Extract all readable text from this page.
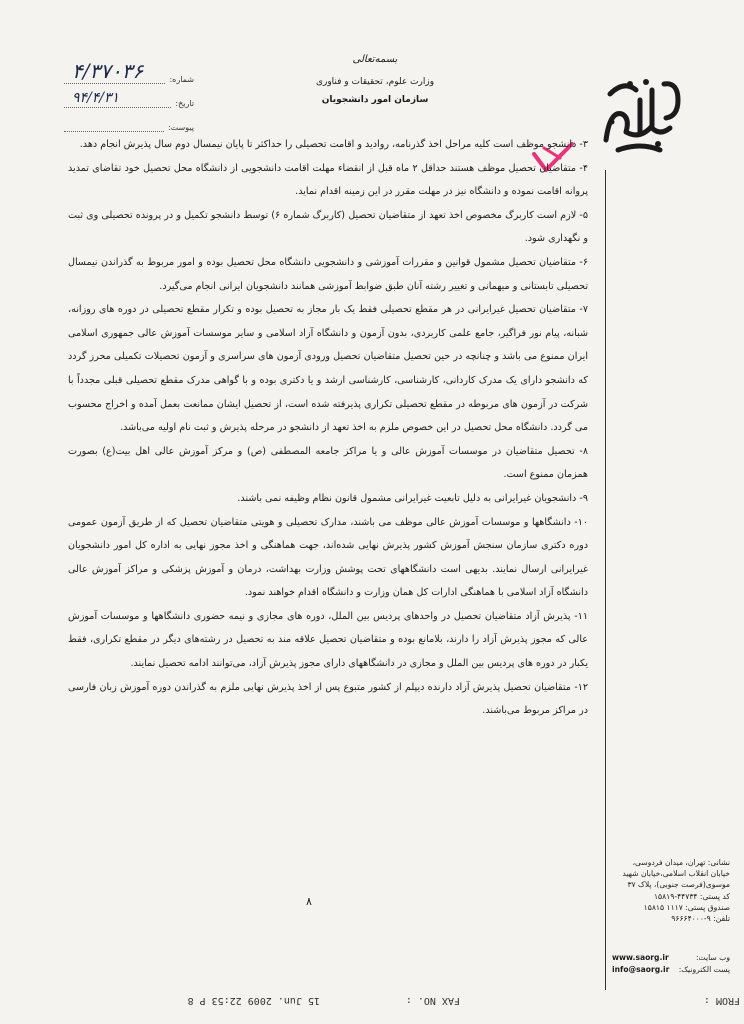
شماره:
۴/۳۷۰۳۶
تاریخ:
۹۴/۴/۳۱
پیوست:
بسمه‌تعالی
وزارت علوم، تحقیقات و فناوری
سازمان امور دانشجویان

۳- دانشجو موظف است کلیه مراحل اخذ گذرنامه، روادید و اقامت تحصیلی را حداکثر تا پایان نیمسال دوم سال پذیرش انجام دهد.

۴- متقاضیان تحصیل موظف هستند حداقل ۲ ماه قبل از انقضاء مهلت اقامت دانشجویی از دانشگاه محل تحصیل خود تقاضای تمدید پروانه اقامت نموده و دانشگاه نیز در مهلت مقرر در این زمینه اقدام نماید.

۵- لازم است کاربرگ مخصوص اخذ تعهد از متقاضیان تحصیل (کاربرگ شماره ۶) توسط دانشجو تکمیل و در پرونده تحصیلی وی ثبت و نگهداری شود.

۶- متقاضیان تحصیل مشمول قوانین و مقررات آموزشی و دانشجویی دانشگاه محل تحصیل بوده و امور مربوط به گذراندن نیمسال تحصیلی تابستانی و میهمانی و تغییر رشته آنان طبق ضوابط آموزشی همانند دانشجویان ایرانی انجام می‌گیرد.

۷- متقاضیان تحصیل غیرایرانی در هر مقطع تحصیلی فقط یک بار مجاز به تحصیل بوده و تکرار مقطع تحصیلی در دوره های روزانه، شبانه، پیام نور فراگیر، جامع علمی کاربردی، بدون آزمون و دانشگاه آزاد اسلامی و سایر موسسات آموزش عالی جمهوری اسلامی ایران ممنوع می باشد و چنانچه در حین تحصیل متقاضیان تحصیل ورودی آزمون های سراسری و آزمون تحصیلات تکمیلی محرز گردد که دانشجو دارای یک مدرک کاردانی، کارشناسی، کارشناسی ارشد و یا دکتری بوده و با گواهی مدرک مقطع تحصیلی قبلی مجدداً با شرکت در آزمون های مربوطه در مقطع تحصیلی تکراری پذیرفته شده است، از تحصیل ایشان ممانعت بعمل آمده و اخراج محسوب می گردد. دانشگاه محل تحصیل در این خصوص ملزم به اخذ تعهد از دانشجو در مرحله پذیرش و ثبت نام اولیه می‌باشد.

۸- تحصیل متقاضیان در موسسات آموزش عالی و یا مراکز جامعه المصطفی (ص) و مرکز آموزش عالی اهل بیت(ع) بصورت همزمان ممنوع است.

۹- دانشجویان غیرایرانی به دلیل تابعیت غیرایرانی مشمول قانون نظام وظیفه نمی باشند.

۱۰- دانشگاهها و موسسات آموزش عالی موظف می باشند، مدارک تحصیلی و هویتی متقاضیان تحصیل که از طریق آزمون عمومی دوره دکتری سازمان سنجش آموزش کشور پذیرش نهایی شده‌اند، جهت هماهنگی و اخذ مجوز نهایی به اداره کل امور دانشجویان غیرایرانی ارسال نمایند. بدیهی است دانشگاههای تحت پوشش وزارت بهداشت، درمان و آموزش پزشکی و مراکز آموزش عالی دانشگاه آزاد اسلامی با هماهنگی ادارات کل همان وزارت و دانشگاه اقدام خواهند نمود.

۱۱- پذیرش آزاد متقاضیان تحصیل در واحدهای پردیس بین الملل، دوره های مجازی و نیمه حضوری دانشگاهها و موسسات آموزش عالی که مجوز پذیرش آزاد را دارند، بلامانع بوده و متقاضیان تحصیل علاقه مند به تحصیل در رشته‌های دیگر در مقطع تکراری، فقط یکبار در دوره های پردیس بین الملل و مجازی در دانشگاههای دارای مجوز پذیرش آزاد، می‌توانند ادامه تحصیل نمایند.

۱۲- متقاضیان تحصیل پذیرش آزاد دارنده دیپلم از کشور متبوع پس از اخذ پذیرش نهایی ملزم به گذراندن دوره آموزش زبان فارسی در مراکز مربوط می‌باشند.

۸

نشانی: تهران، میدان فردوسی،

خیابان انقلاب اسلامی،خیابان شهید

موسوی(فرصت جنوبی)، پلاک ۳۷

کد پستی: ۴۴۷۳۴-۱۵۸۱۹

صندوق پستی: ۱۱۱۷ ۱۵۸۱۵

تلفن: ۹-۹۶۶۶۴۰۰۰

www.saorg.ir	وب سایت:
info@saorg.ir پست الکترونیک:
FROM :
FAX NO. :
15 Jun. 2009 22:53 P 8
